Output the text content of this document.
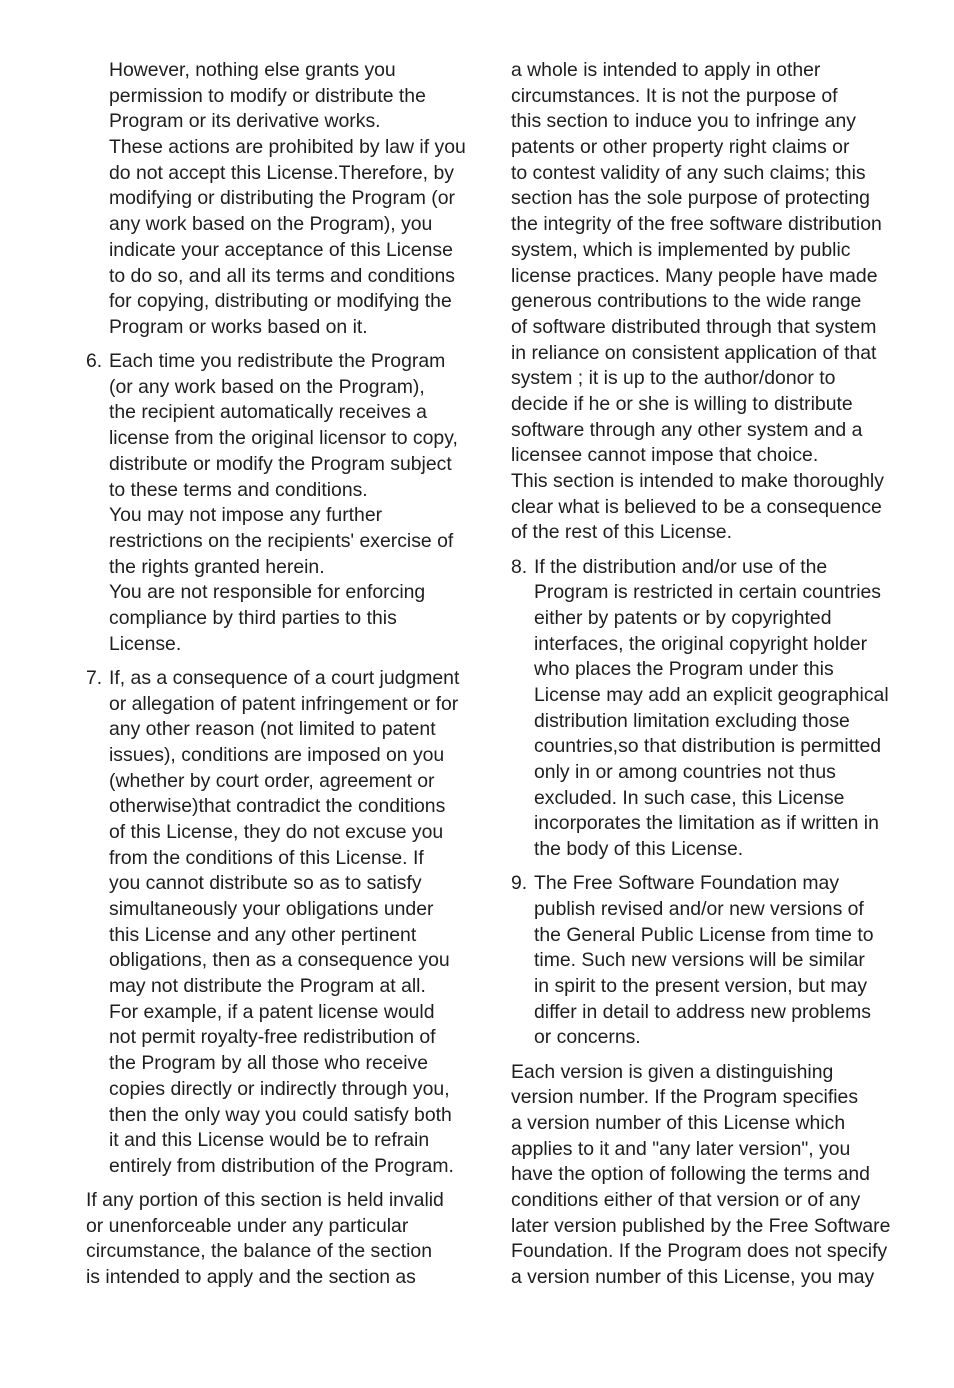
However, nothing else grants you
permission to modify or distribute the
Program or its derivative works.
These actions are prohibited by law if you
do not accept this License.Therefore, by
modifying or distributing the Program (or
any work based on the Program), you
indicate your acceptance of this License
to do so, and all its terms and conditions
for copying, distributing or modifying the
Program or works based on it.
6. Each time you redistribute the Program
(or any work based on the Program),
the recipient automatically receives a
license from the original licensor to copy,
distribute or modify the Program subject
to these terms and conditions.
You may not impose any further
restrictions on the recipients' exercise of
the rights granted herein.
You are not responsible for enforcing
compliance by third parties to this
License.
7. If, as a consequence of a court judgment
or allegation of patent infringement or for
any other reason (not limited to patent
issues), conditions are imposed on you
(whether by court order, agreement or
otherwise)that contradict the conditions
of this License, they do not excuse you
from the conditions of this License. If
you cannot distribute so as to satisfy
simultaneously your obligations under
this License and any other pertinent
obligations, then as a consequence you
may not distribute the Program at all.
For example, if a patent license would
not permit royalty-free redistribution of
the Program by all those who receive
copies directly or indirectly through you,
then the only way you could satisfy both
it and this License would be to refrain
entirely from distribution of the Program.
If any portion of this section is held invalid
or unenforceable under any particular
circumstance, the balance of the section
is intended to apply and the section as
a whole is intended to apply in other
circumstances. It is not the purpose of
this section to induce you to infringe any
patents or other property right claims or
to contest validity of any such claims; this
section has the sole purpose of protecting
the integrity of the free software distribution
system, which is implemented by public
license practices. Many people have made
generous contributions to the wide range
of software distributed through that system
in reliance on consistent application of that
system ; it is up to the author/donor to
decide if he or she is willing to distribute
software through any other system and a
licensee cannot impose that choice.
This section is intended to make thoroughly
clear what is believed to be a consequence
of the rest of this License.
8. If the distribution and/or use of the
Program is restricted in certain countries
either by patents or by copyrighted
interfaces, the original copyright holder
who places the Program under this
License may add an explicit geographical
distribution limitation excluding those
countries,so that distribution is permitted
only in or among countries not thus
excluded. In such case, this License
incorporates the limitation as if written in
the body of this License.
9. The Free Software Foundation may
publish revised and/or new versions of
the General Public License from time to
time. Such new versions will be similar
in spirit to the present version, but may
differ in detail to address new problems
or concerns.
Each version is given a distinguishing
version number. If the Program specifies
a version number of this License which
applies to it and "any later version", you
have the option of following the terms and
conditions either of that version or of any
later version published by the Free Software
Foundation. If the Program does not specify
a version number of this License, you may
